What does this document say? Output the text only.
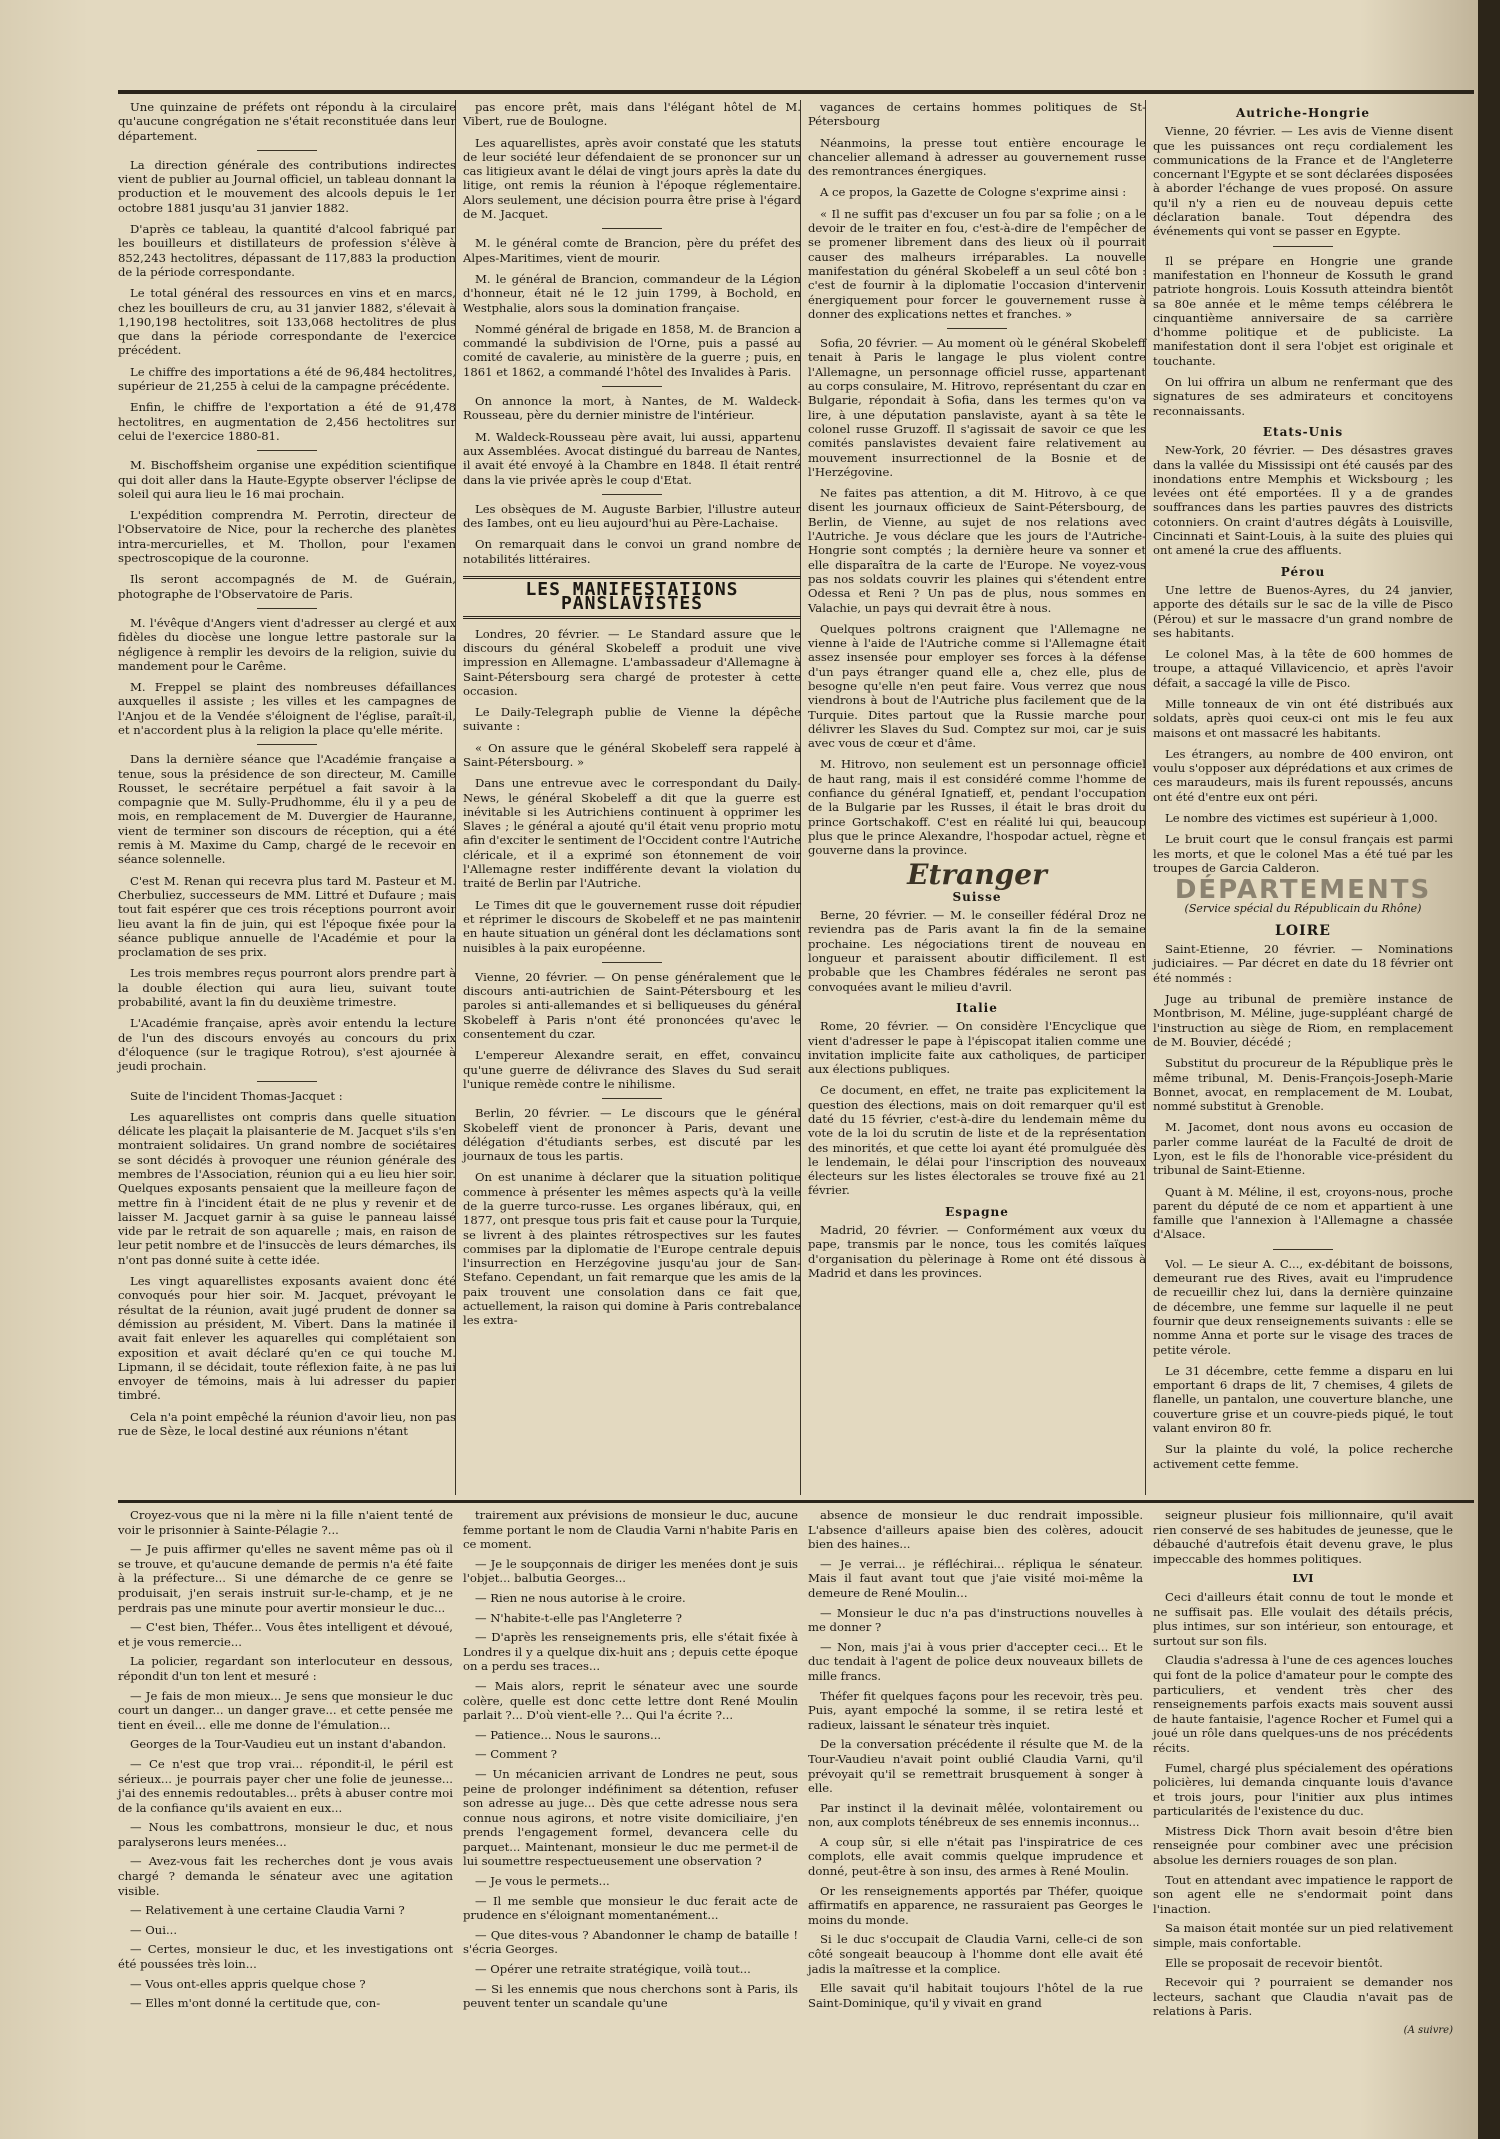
Une quinzaine de préfets ont répondu à la circulaire qu'aucune congrégation ne s'était reconstituée dans leur département.

La direction générale des contributions indirectes vient de publier au Journal officiel, un tableau donnant la production et le mouvement des alcools depuis le 1er octobre 1881 jusqu'au 31 janvier 1882.

D'après ce tableau, la quantité d'alcool fabriqué par les bouilleurs et distillateurs de profession s'élève à 852,243 hectolitres, dépassant de 117,883 la production de la période correspondante.

Le total général des ressources en vins et en marcs, chez les bouilleurs de cru, au 31 janvier 1882, s'élevait à 1,190,198 hectolitres, soit 133,068 hectolitres de plus que dans la période correspondante de l'exercice précédent.

Le chiffre des importations a été de 96,484 hectolitres, supérieur de 21,255 à celui de la campagne précédente.

Enfin, le chiffre de l'exportation a été de 91,478 hectolitres, en augmentation de 2,456 hectolitres sur celui de l'exercice 1880-81.

M. Bischoffsheim organise une expédition scientifique qui doit aller dans la Haute-Egypte observer l'éclipse de soleil qui aura lieu le 16 mai prochain.

L'expédition comprendra M. Perrotin, directeur de l'Observatoire de Nice, pour la recherche des planètes intra-mercurielles, et M. Thollon, pour l'examen spectroscopique de la couronne.

Ils seront accompagnés de M. de Guérain, photographe de l'Observatoire de Paris.

M. l'évêque d'Angers vient d'adresser au clergé et aux fidèles du diocèse une longue lettre pastorale sur la négligence à remplir les devoirs de la religion, suivie du mandement pour le Carême.

M. Freppel se plaint des nombreuses défaillances auxquelles il assiste ; les villes et les campagnes de l'Anjou et de la Vendée s'éloignent de l'église, paraît-il, et n'accordent plus à la religion la place qu'elle mérite.

Dans la dernière séance que l'Académie française a tenue, sous la présidence de son directeur, M. Camille Rousset, le secrétaire perpétuel a fait savoir à la compagnie que M. Sully-Prudhomme, élu il y a peu de mois, en remplacement de M. Duvergier de Hauranne, vient de terminer son discours de réception, qui a été remis à M. Maxime du Camp, chargé de le recevoir en séance solennelle.

C'est M. Renan qui recevra plus tard M. Pasteur et M. Cherbuliez, successeurs de MM. Littré et Dufaure ; mais tout fait espérer que ces trois réceptions pourront avoir lieu avant la fin de juin, qui est l'époque fixée pour la séance publique annuelle de l'Académie et pour la proclamation de ses prix.

Les trois membres reçus pourront alors prendre part à la double élection qui aura lieu, suivant toute probabilité, avant la fin du deuxième trimestre.

L'Académie française, après avoir entendu la lecture de l'un des discours envoyés au concours du prix d'éloquence (sur le tragique Rotrou), s'est ajournée à jeudi prochain.

Suite de l'incident Thomas-Jacquet :

Les aquarellistes ont compris dans quelle situation délicate les plaçait la plaisanterie de M. Jacquet s'ils s'en montraient solidaires. Un grand nombre de sociétaires se sont décidés à provoquer une réunion générale des membres de l'Association, réunion qui a eu lieu hier soir. Quelques exposants pensaient que la meilleure façon de mettre fin à l'incident était de ne plus y revenir et de laisser M. Jacquet garnir à sa guise le panneau laissé vide par le retrait de son aquarelle ; mais, en raison de leur petit nombre et de l'insuccès de leurs démarches, ils n'ont pas donné suite à cette idée.

Les vingt aquarellistes exposants avaient donc été convoqués pour hier soir. M. Jacquet, prévoyant le résultat de la réunion, avait jugé prudent de donner sa démission au président, M. Vibert. Dans la matinée il avait fait enlever les aquarelles qui complétaient son exposition et avait déclaré qu'en ce qui touche M. Lipmann, il se décidait, toute réflexion faite, à ne pas lui envoyer de témoins, mais à lui adresser du papier timbré.

Cela n'a point empêché la réunion d'avoir lieu, non pas rue de Sèze, le local destiné aux réunions n'étant

pas encore prêt, mais dans l'élégant hôtel de M. Vibert, rue de Boulogne.

Les aquarellistes, après avoir constaté que les statuts de leur société leur défendaient de se prononcer sur un cas litigieux avant le délai de vingt jours après la date du litige, ont remis la réunion à l'époque réglementaire. Alors seulement, une décision pourra être prise à l'égard de M. Jacquet.

M. le général comte de Brancion, père du préfet des Alpes-Maritimes, vient de mourir.

M. le général de Brancion, commandeur de la Légion d'honneur, était né le 12 juin 1799, à Bochold, en Westphalie, alors sous la domination française.

Nommé général de brigade en 1858, M. de Brancion a commandé la subdivision de l'Orne, puis a passé au comité de cavalerie, au ministère de la guerre ; puis, en 1861 et 1862, a commandé l'hôtel des Invalides à Paris.

On annonce la mort, à Nantes, de M. Waldeck-Rousseau, père du dernier ministre de l'intérieur.

M. Waldeck-Rousseau père avait, lui aussi, appartenu aux Assemblées. Avocat distingué du barreau de Nantes, il avait été envoyé à la Chambre en 1848. Il était rentré dans la vie privée après le coup d'Etat.

Les obsèques de M. Auguste Barbier, l'illustre auteur des Iambes, ont eu lieu aujourd'hui au Père-Lachaise.

On remarquait dans le convoi un grand nombre de notabilités littéraires.

LES MANIFESTATIONS PANSLAVISTES

Londres, 20 février. — Le Standard assure que le discours du général Skobeleff a produit une vive impression en Allemagne. L'ambassadeur d'Allemagne à Saint-Pétersbourg sera chargé de protester à cette occasion.

Le Daily-Telegraph publie de Vienne la dépêche suivante :

« On assure que le général Skobeleff sera rappelé à Saint-Pétersbourg. »

Dans une entrevue avec le correspondant du Daily-News, le général Skobeleff a dit que la guerre est inévitable si les Autrichiens continuent à opprimer les Slaves ; le général a ajouté qu'il était venu proprio motu afin d'exciter le sentiment de l'Occident contre l'Autriche cléricale, et il a exprimé son étonnement de voir l'Allemagne rester indifférente devant la violation du traité de Berlin par l'Autriche.

Le Times dit que le gouvernement russe doit répudier et réprimer le discours de Skobeleff et ne pas maintenir en haute situation un général dont les déclamations sont nuisibles à la paix européenne.

Vienne, 20 février. — On pense généralement que le discours anti-autrichien de Saint-Pétersbourg et les paroles si anti-allemandes et si belliqueuses du général Skobeleff à Paris n'ont été prononcées qu'avec le consentement du czar.

L'empereur Alexandre serait, en effet, convaincu qu'une guerre de délivrance des Slaves du Sud serait l'unique remède contre le nihilisme.

Berlin, 20 février. — Le discours que le général Skobeleff vient de prononcer à Paris, devant une délégation d'étudiants serbes, est discuté par les journaux de tous les partis.

On est unanime à déclarer que la situation politique commence à présenter les mêmes aspects qu'à la veille de la guerre turco-russe. Les organes libéraux, qui, en 1877, ont presque tous pris fait et cause pour la Turquie, se livrent à des plaintes rétrospectives sur les fautes commises par la diplomatie de l'Europe centrale depuis l'insurrection en Herzégovine jusqu'au jour de San-Stefano. Cependant, un fait remarque que les amis de la paix trouvent une consolation dans ce fait que, actuellement, la raison qui domine à Paris contrebalance les extra-

vagances de certains hommes politiques de St-Pétersbourg

Néanmoins, la presse tout entière encourage le chancelier allemand à adresser au gouvernement russe des remontrances énergiques.

A ce propos, la Gazette de Cologne s'exprime ainsi :

« Il ne suffit pas d'excuser un fou par sa folie ; on a le devoir de le traiter en fou, c'est-à-dire de l'empêcher de se promener librement dans des lieux où il pourrait causer des malheurs irréparables. La nouvelle manifestation du général Skobeleff a un seul côté bon : c'est de fournir à la diplomatie l'occasion d'intervenir énergiquement pour forcer le gouvernement russe à donner des explications nettes et franches. »

Sofia, 20 février. — Au moment où le général Skobeleff tenait à Paris le langage le plus violent contre l'Allemagne, un personnage officiel russe, appartenant au corps consulaire, M. Hitrovo, représentant du czar en Bulgarie, répondait à Sofia, dans les termes qu'on va lire, à une députation panslaviste, ayant à sa tête le colonel russe Gruzoff. Il s'agissait de savoir ce que les comités panslavistes devaient faire relativement au mouvement insurrectionnel de la Bosnie et de l'Herzégovine.

Ne faites pas attention, a dit M. Hitrovo, à ce que disent les journaux officieux de Saint-Pétersbourg, de Berlin, de Vienne, au sujet de nos relations avec l'Autriche. Je vous déclare que les jours de l'Autriche-Hongrie sont comptés ; la dernière heure va sonner et elle disparaîtra de la carte de l'Europe. Ne voyez-vous pas nos soldats couvrir les plaines qui s'étendent entre Odessa et Reni ? Un pas de plus, nous sommes en Valachie, un pays qui devrait être à nous.

Quelques poltrons craignent que l'Allemagne ne vienne à l'aide de l'Autriche comme si l'Allemagne était assez insensée pour employer ses forces à la défense d'un pays étranger quand elle a, chez elle, plus de besogne qu'elle n'en peut faire. Vous verrez que nous viendrons à bout de l'Autriche plus facilement que de la Turquie. Dites partout que la Russie marche pour délivrer les Slaves du Sud. Comptez sur moi, car je suis avec vous de cœur et d'âme.

M. Hitrovo, non seulement est un personnage officiel de haut rang, mais il est considéré comme l'homme de confiance du général Ignatieff, et, pendant l'occupation de la Bulgarie par les Russes, il était le bras droit du prince Gortschakoff. C'est en réalité lui qui, beaucoup plus que le prince Alexandre, l'hospodar actuel, règne et gouverne dans la province.

Etranger
Suisse

Berne, 20 février. — M. le conseiller fédéral Droz ne reviendra pas de Paris avant la fin de la semaine prochaine. Les négociations tirent de nouveau en longueur et paraissent aboutir difficilement. Il est probable que les Chambres fédérales ne seront pas convoquées avant le milieu d'avril.

Italie

Rome, 20 février. — On considère l'Encyclique que vient d'adresser le pape à l'épiscopat italien comme une invitation implicite faite aux catholiques, de participer aux élections publiques.

Ce document, en effet, ne traite pas explicitement la question des élections, mais on doit remarquer qu'il est daté du 15 février, c'est-à-dire du lendemain même du vote de la loi du scrutin de liste et de la représentation des minorités, et que cette loi ayant été promulguée dès le lendemain, le délai pour l'inscription des nouveaux électeurs sur les listes électorales se trouve fixé au 21 février.

Espagne

Madrid, 20 février. — Conformément aux vœux du pape, transmis par le nonce, tous les comités laïques d'organisation du pèlerinage à Rome ont été dissous à Madrid et dans les provinces.

Autriche-Hongrie

Vienne, 20 février. — Les avis de Vienne disent que les puissances ont reçu cordialement les communications de la France et de l'Angleterre concernant l'Egypte et se sont déclarées disposées à aborder l'échange de vues proposé. On assure qu'il n'y a rien eu de nouveau depuis cette déclaration banale. Tout dépendra des événements qui vont se passer en Egypte.

Il se prépare en Hongrie une grande manifestation en l'honneur de Kossuth le grand patriote hongrois. Louis Kossuth atteindra bientôt sa 80e année et le même temps célébrera le cinquantième anniversaire de sa carrière d'homme politique et de publiciste. La manifestation dont il sera l'objet est originale et touchante.

On lui offrira un album ne renfermant que des signatures de ses admirateurs et concitoyens reconnaissants.

Etats-Unis

New-York, 20 février. — Des désastres graves dans la vallée du Mississipi ont été causés par des inondations entre Memphis et Wicksbourg ; les levées ont été emportées. Il y a de grandes souffrances dans les parties pauvres des districts cotonniers. On craint d'autres dégâts à Louisville, Cincinnati et Saint-Louis, à la suite des pluies qui ont amené la crue des affluents.

Pérou

Une lettre de Buenos-Ayres, du 24 janvier, apporte des détails sur le sac de la ville de Pisco (Pérou) et sur le massacre d'un grand nombre de ses habitants.

Le colonel Mas, à la tête de 600 hommes de troupe, a attaqué Villavicencio, et après l'avoir défait, a saccagé la ville de Pisco.

Mille tonneaux de vin ont été distribués aux soldats, après quoi ceux-ci ont mis le feu aux maisons et ont massacré les habitants.

Les étrangers, au nombre de 400 environ, ont voulu s'opposer aux déprédations et aux crimes de ces maraudeurs, mais ils furent repoussés, ancuns ont été d'entre eux ont péri.

Le nombre des victimes est supérieur à 1,000.

Le bruit court que le consul français est parmi les morts, et que le colonel Mas a été tué par les troupes de Garcia Calderon.

DÉPARTEMENTS
(Service spécial du Républicain du Rhône)
LOIRE

Saint-Etienne, 20 février. — Nominations judiciaires. — Par décret en date du 18 février ont été nommés :

Juge au tribunal de première instance de Montbrison, M. Méline, juge-suppléant chargé de l'instruction au siège de Riom, en remplacement de M. Bouvier, décédé ;

Substitut du procureur de la République près le même tribunal, M. Denis-François-Joseph-Marie Bonnet, avocat, en remplacement de M. Loubat, nommé substitut à Grenoble.

M. Jacomet, dont nous avons eu occasion de parler comme lauréat de la Faculté de droit de Lyon, est le fils de l'honorable vice-président du tribunal de Saint-Etienne.

Quant à M. Méline, il est, croyons-nous, proche parent du député de ce nom et appartient à une famille que l'annexion à l'Allemagne a chassée d'Alsace.

Vol. — Le sieur A. C..., ex-débitant de boissons, demeurant rue des Rives, avait eu l'imprudence de recueillir chez lui, dans la dernière quinzaine de décembre, une femme sur laquelle il ne peut fournir que deux renseignements suivants : elle se nomme Anna et porte sur le visage des traces de petite vérole.

Le 31 décembre, cette femme a disparu en lui emportant 6 draps de lit, 7 chemises, 4 gilets de flanelle, un pantalon, une couverture blanche, une couverture grise et un couvre-pieds piqué, le tout valant environ 80 fr.

Sur la plainte du volé, la police recherche activement cette femme.

Croyez-vous que ni la mère ni la fille n'aient tenté de voir le prisonnier à Sainte-Pélagie ?...

— Je puis affirmer qu'elles ne savent même pas où il se trouve, et qu'aucune demande de permis n'a été faite à la préfecture... Si une démarche de ce genre se produisait, j'en serais instruit sur-le-champ, et je ne perdrais pas une minute pour avertir monsieur le duc...

— C'est bien, Théfer... Vous êtes intelligent et dévoué, et je vous remercie...

La policier, regardant son interlocuteur en dessous, répondit d'un ton lent et mesuré :

— Je fais de mon mieux... Je sens que monsieur le duc court un danger... un danger grave... et cette pensée me tient en éveil... elle me donne de l'émulation...

Georges de la Tour-Vaudieu eut un instant d'abandon.

— Ce n'est que trop vrai... répondit-il, le péril est sérieux... je pourrais payer cher une folie de jeunesse... j'ai des ennemis redoutables... prêts à abuser contre moi de la confiance qu'ils avaient en eux...

— Nous les combattrons, monsieur le duc, et nous paralyserons leurs menées...

— Avez-vous fait les recherches dont je vous avais chargé ? demanda le sénateur avec une agitation visible.

— Relativement à une certaine Claudia Varni ?

— Oui...

— Certes, monsieur le duc, et les investigations ont été poussées très loin...

— Vous ont-elles appris quelque chose ?

— Elles m'ont donné la certitude que, con-

trairement aux prévisions de monsieur le duc, aucune femme portant le nom de Claudia Varni n'habite Paris en ce moment.

— Je le soupçonnais de diriger les menées dont je suis l'objet... balbutia Georges...

— Rien ne nous autorise à le croire.

— N'habite-t-elle pas l'Angleterre ?

— D'après les renseignements pris, elle s'était fixée à Londres il y a quelque dix-huit ans ; depuis cette époque on a perdu ses traces...

— Mais alors, reprit le sénateur avec une sourde colère, quelle est donc cette lettre dont René Moulin parlait ?... D'où vient-elle ?... Qui l'a écrite ?...

— Patience... Nous le saurons...

— Comment ?

— Un mécanicien arrivant de Londres ne peut, sous peine de prolonger indéfiniment sa détention, refuser son adresse au juge... Dès que cette adresse nous sera connue nous agirons, et notre visite domiciliaire, j'en prends l'engagement formel, devancera celle du parquet... Maintenant, monsieur le duc me permet-il de lui soumettre respectueusement une observation ?

— Je vous le permets...

— Il me semble que monsieur le duc ferait acte de prudence en s'éloignant momentanément...

— Que dites-vous ? Abandonner le champ de bataille ! s'écria Georges.

— Opérer une retraite stratégique, voilà tout...

— Si les ennemis que nous cherchons sont à Paris, ils peuvent tenter un scandale qu'une

absence de monsieur le duc rendrait impossible. L'absence d'ailleurs apaise bien des colères, adoucit bien des haines...

— Je verrai... je réfléchirai... répliqua le sénateur. Mais il faut avant tout que j'aie visité moi-même la demeure de René Moulin...

— Monsieur le duc n'a pas d'instructions nouvelles à me donner ?

— Non, mais j'ai à vous prier d'accepter ceci... Et le duc tendait à l'agent de police deux nouveaux billets de mille francs.

Théfer fit quelques façons pour les recevoir, très peu. Puis, ayant empoché la somme, il se retira lesté et radieux, laissant le sénateur très inquiet.

De la conversation précédente il résulte que M. de la Tour-Vaudieu n'avait point oublié Claudia Varni, qu'il prévoyait qu'il se remettrait brusquement à songer à elle.

Par instinct il la devinait mêlée, volontairement ou non, aux complots ténébreux de ses ennemis inconnus...

A coup sûr, si elle n'était pas l'inspiratrice de ces complots, elle avait commis quelque imprudence et donné, peut-être à son insu, des armes à René Moulin.

Or les renseignements apportés par Théfer, quoique affirmatifs en apparence, ne rassuraient pas Georges le moins du monde.

Si le duc s'occupait de Claudia Varni, celle-ci de son côté songeait beaucoup à l'homme dont elle avait été jadis la maîtresse et la complice.

Elle savait qu'il habitait toujours l'hôtel de la rue Saint-Dominique, qu'il y vivait en grand

seigneur plusieur fois millionnaire, qu'il avait rien conservé de ses habitudes de jeunesse, que le débauché d'autrefois était devenu grave, le plus impeccable des hommes politiques.

LVI

Ceci d'ailleurs était connu de tout le monde et ne suffisait pas. Elle voulait des détails précis, plus intimes, sur son intérieur, son entourage, et surtout sur son fils.

Claudia s'adressa à l'une de ces agences louches qui font de la police d'amateur pour le compte des particuliers, et vendent très cher des renseignements parfois exacts mais souvent aussi de haute fantaisie, l'agence Rocher et Fumel qui a joué un rôle dans quelques-uns de nos précédents récits.

Fumel, chargé plus spécialement des opérations policières, lui demanda cinquante louis d'avance et trois jours, pour l'initier aux plus intimes particularités de l'existence du duc.

Mistress Dick Thorn avait besoin d'être bien renseignée pour combiner avec une précision absolue les derniers rouages de son plan.

Tout en attendant avec impatience le rapport de son agent elle ne s'endormait point dans l'inaction.

Sa maison était montée sur un pied relativement simple, mais confortable.

Elle se proposait de recevoir bientôt.

Recevoir qui ? pourraient se demander nos lecteurs, sachant que Claudia n'avait pas de relations à Paris.

(A suivre)
